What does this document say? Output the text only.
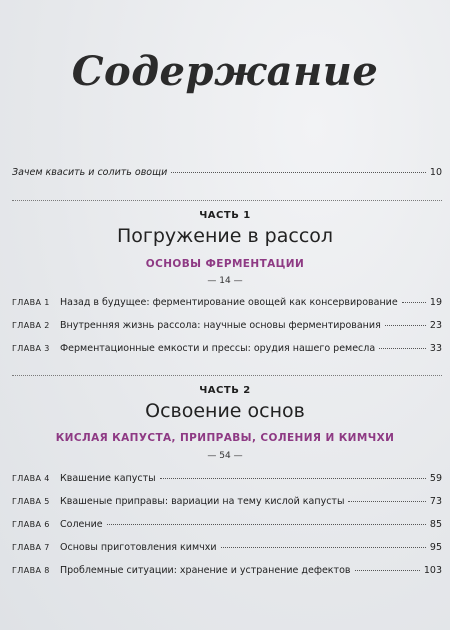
Содержание
Зачем квасить и солить овощи	10
ЧАСТЬ 1
Погружение в рассол
ОСНОВЫ ФЕРМЕНТАЦИИ
— 14 —
ГЛАВА 1	Назад в будущее: ферментирование овощей как консервирование	19
ГЛАВА 2	Внутренняя жизнь рассола: научные основы ферментирования	23
ГЛАВА 3	Ферментационные емкости и прессы: орудия нашего ремесла	33
ЧАСТЬ 2
Освоение основ
КИСЛАЯ КАПУСТА, ПРИПРАВЫ, СОЛЕНИЯ И КИМЧХИ
— 54 —
ГЛАВА 4	Квашение капусты	59
ГЛАВА 5	Квашеные приправы: вариации на тему кислой капусты	73
ГЛАВА 6	Соление	85
ГЛАВА 7	Основы приготовления кимчхи	95
ГЛАВА 8	Проблемные ситуации: хранение и устранение дефектов	103
